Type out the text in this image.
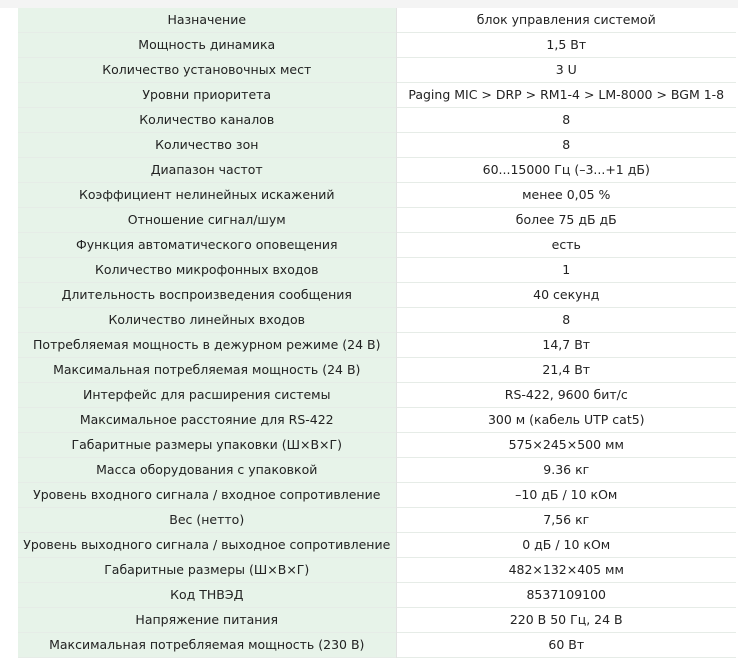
Назначение	блок управления системой
Мощность динамика	1,5 Вт
Количество установочных мест	3 U
Уровни приоритета	Paging MIC > DRP > RM1-4 > LM-8000 > BGM 1-8
Количество каналов	8
Количество зон	8
Диапазон частот	60...15000 Гц (–3...+1 дБ)
Коэффициент нелинейных искажений	менее 0,05 %
Отношение сигнал/шум	более 75 дБ дБ
Функция автоматического оповещения	есть
Количество микрофонных входов	1
Длительность воспроизведения сообщения	40 секунд
Количество линейных входов	8
Потребляемая мощность в дежурном режиме (24 В)	14,7 Вт
Максимальная потребляемая мощность (24 В)	21,4 Вт
Интерфейс для расширения системы	RS-422, 9600 бит/с
Максимальное расстояние для RS-422	300 м (кабель UTP cat5)
Габаритные размеры упаковки (Ш×В×Г)	575×245×500 мм
Масса оборудования с упаковкой	9.36 кг
Уровень входного сигнала / входное сопротивление	–10 дБ / 10 кОм
Вес (нетто)	7,56 кг
Уровень выходного сигнала / выходное сопротивление	0 дБ / 10 кОм
Габаритные размеры (Ш×В×Г)	482×132×405 мм
Код ТНВЭД	8537109100
Напряжение питания	220 В 50 Гц, 24 В
Максимальная потребляемая мощность (230 В)	60 Вт
